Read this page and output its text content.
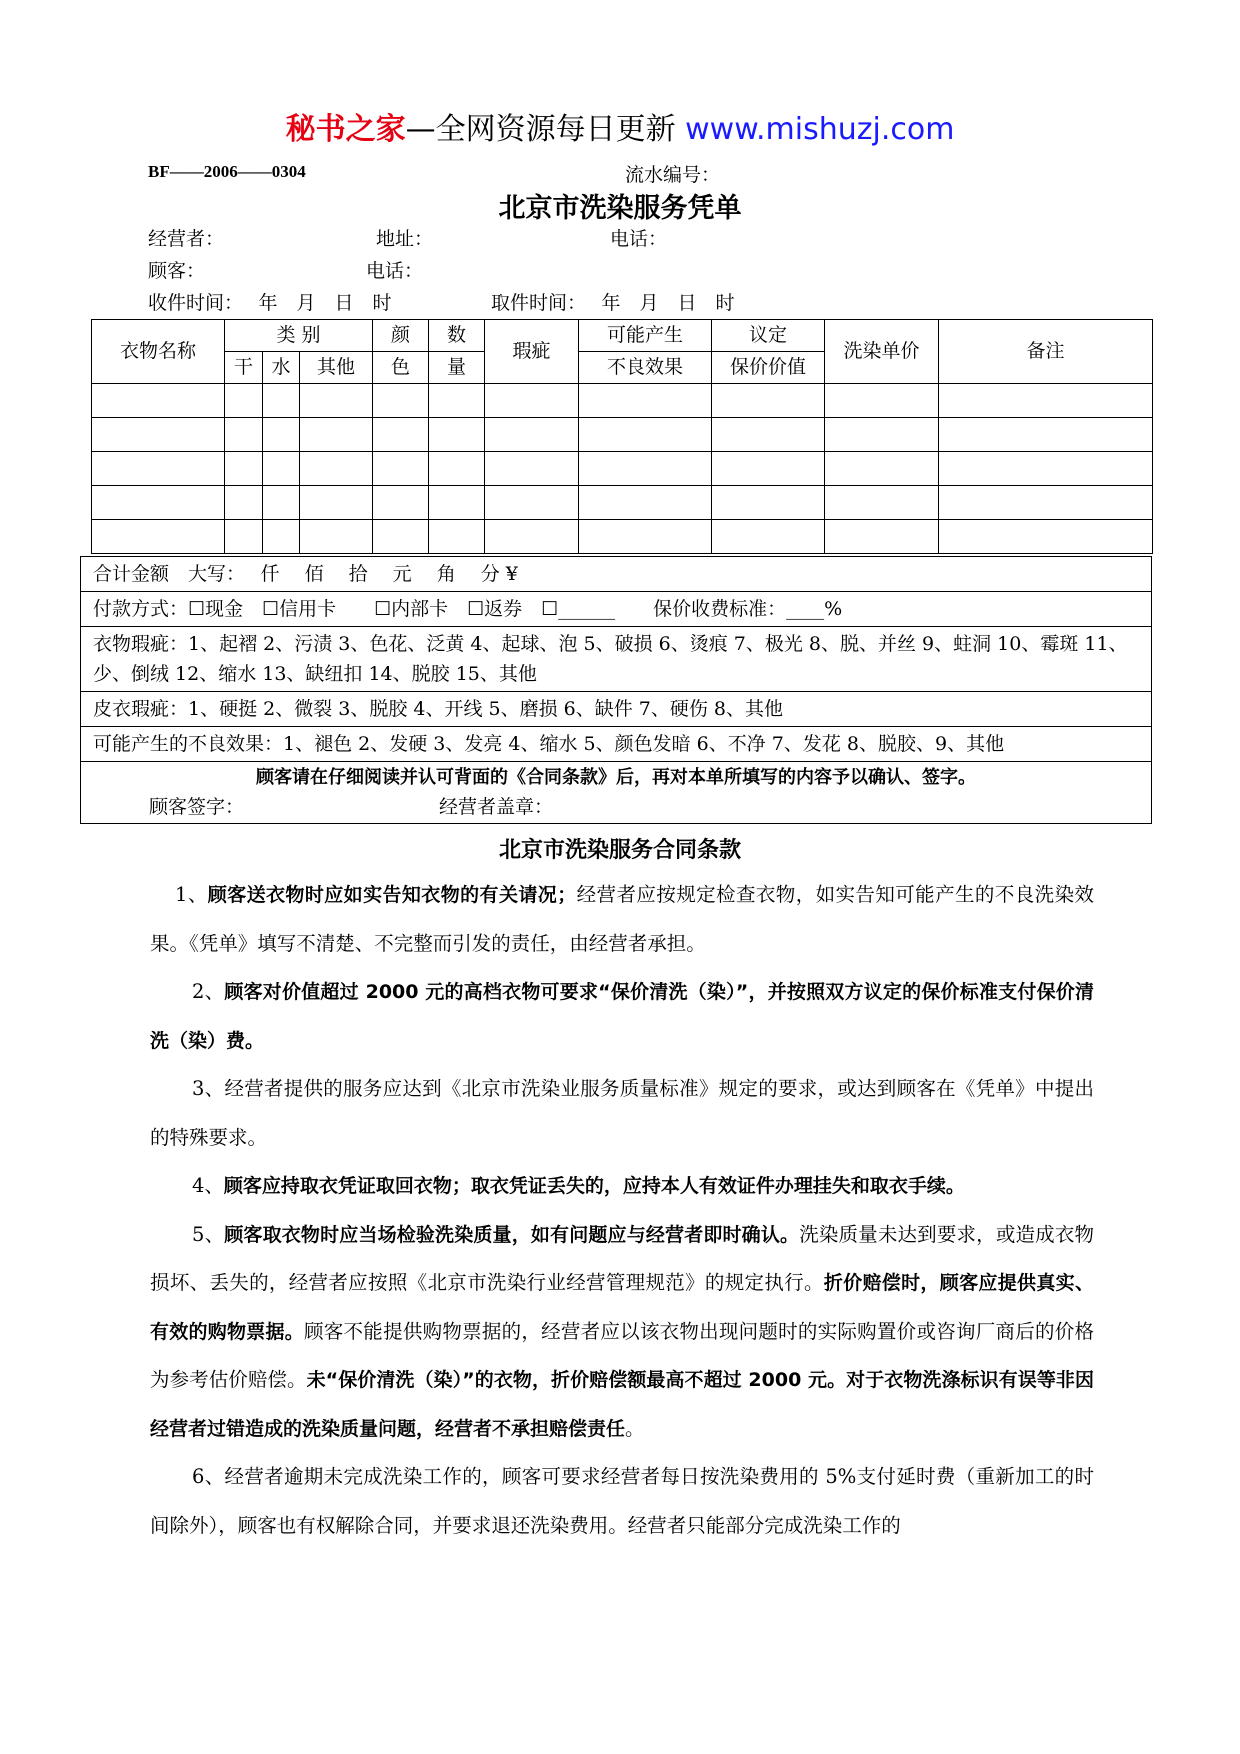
秘书之家—全网资源每日更新 www.mishuzj.com
BF——2006——0304	流水编号：
北京市洗染服务凭单
经营者：	地址：	电话：
顾客：	电话：
收件时间：　 年　月　日　时	取件时间：　 年　月　日　时
衣物名称	类 别			颜	数	瑕疵	可能产生	议定	洗染单价	备注
	干	水	其他	色	量		不良效果	保价价值		

合计金额　大写：　 仟　 佰　 拾　 元　 角　 分 ¥
付款方式：☐现金　☐信用卡　　☐内部卡　☐返券　☐______　　保价收费标准：____%
衣物瑕疵：1、起褶 2、污渍 3、色花、泛黄 4、起球、泡 5、破损 6、烫痕 7、极光 8、脱、并丝 9、蛀洞 10、霉斑 11、少、倒绒 12、缩水 13、缺纽扣 14、脱胶 15、其他
皮衣瑕疵：1、硬挺 2、微裂 3、脱胶 4、开线 5、磨损 6、缺件 7、硬伤 8、其他
可能产生的不良效果：1、褪色 2、发硬 3、发亮 4、缩水 5、颜色发暗 6、不净 7、发花 8、脱胶、9、其他
顾客请在仔细阅读并认可背面的《合同条款》后，再对本单所填写的内容予以确认、签字。
顾客签字：	经营者盖章：
北京市洗染服务合同条款

1、顾客送衣物时应如实告知衣物的有关请况；经营者应按规定检查衣物，如实告知可能产生的不良洗染效果。《凭单》填写不清楚、不完整而引发的责任，由经营者承担。

2、顾客对价值超过 2000 元的高档衣物可要求“保价清洗（染）”，并按照双方议定的保价标准支付保价清洗（染）费。

3、经营者提供的服务应达到《北京市洗染业服务质量标准》规定的要求，或达到顾客在《凭单》中提出的特殊要求。

4、顾客应持取衣凭证取回衣物；取衣凭证丢失的，应持本人有效证件办理挂失和取衣手续。

5、顾客取衣物时应当场检验洗染质量，如有问题应与经营者即时确认。洗染质量未达到要求，或造成衣物损坏、丢失的，经营者应按照《北京市洗染行业经营管理规范》的规定执行。折价赔偿时，顾客应提供真实、有效的购物票据。顾客不能提供购物票据的，经营者应以该衣物出现问题时的实际购置价或咨询厂商后的价格为参考估价赔偿。未“保价清洗（染）”的衣物，折价赔偿额最高不超过 2000 元。对于衣物洗涤标识有误等非因经营者过错造成的洗染质量问题，经营者不承担赔偿责任。

6、经营者逾期未完成洗染工作的，顾客可要求经营者每日按洗染费用的 5%支付延时费（重新加工的时间除外），顾客也有权解除合同，并要求退还洗染费用。经营者只能部分完成洗染工作的
